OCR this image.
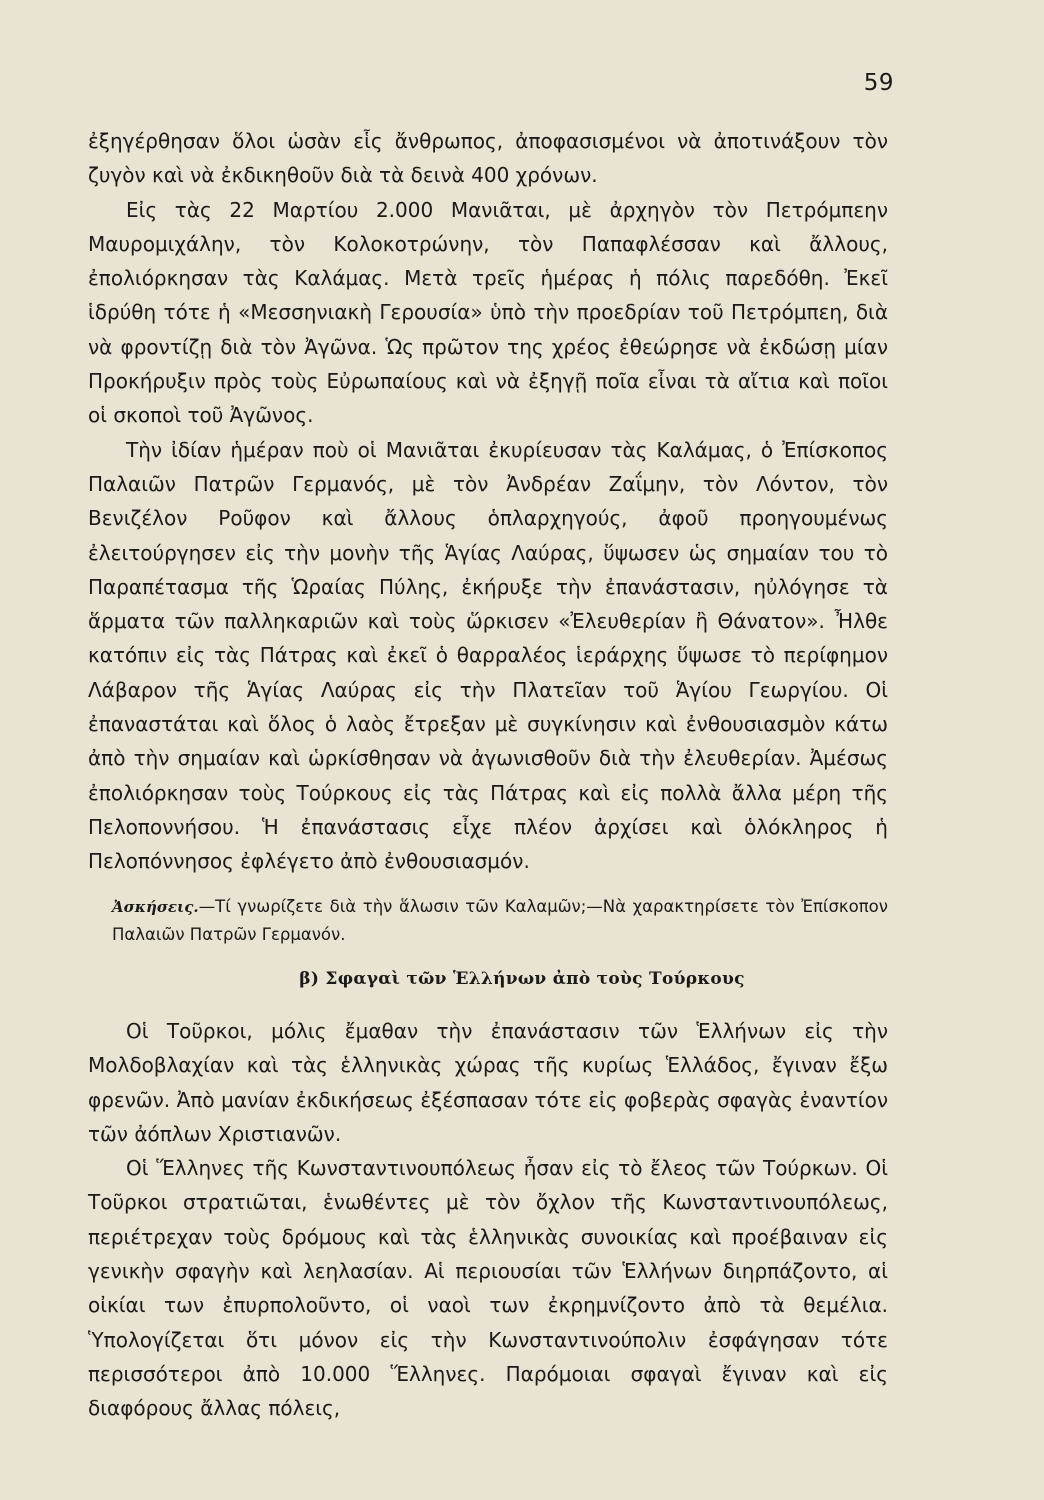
59

ἐξηγέρθησαν ὅλοι ὡσὰν εἷς ἄνθρωπος, ἀποφασισμένοι νὰ ἀποτινάξουν τὸν ζυγὸν καὶ νὰ ἐκδικηθοῦν διὰ τὰ δεινὰ 400 χρόνων.

Εἰς τὰς 22 Μαρτίου 2.000 Μανιᾶται, μὲ ἀρχηγὸν τὸν Πετρόμπεην Μαυρομιχάλην, τὸν Κολοκοτρώνην, τὸν Παπαφλέσσαν καὶ ἄλλους, ἐπολιόρκησαν τὰς Καλάμας. Μετὰ τρεῖς ἡμέρας ἡ πόλις παρεδόθη. Ἐκεῖ ἱδρύθη τότε ἡ «Μεσσηνιακὴ Γερουσία» ὑπὸ τὴν προεδρίαν τοῦ Πετρόμπεη, διὰ νὰ φροντίζῃ διὰ τὸν Ἀγῶνα. Ὡς πρῶτον της χρέος ἐθεώρησε νὰ ἐκδώσῃ μίαν Προκήρυξιν πρὸς τοὺς Εὐρωπαίους καὶ νὰ ἐξηγῇ ποῖα εἶναι τὰ αἴτια καὶ ποῖοι οἱ σκοποὶ τοῦ Ἀγῶνος.

Τὴν ἰδίαν ἡμέραν ποὺ οἱ Μανιᾶται ἐκυρίευσαν τὰς Καλάμας, ὁ Ἐπίσκοπος Παλαιῶν Πατρῶν Γερμανός, μὲ τὸν Ἀνδρέαν Ζαΐμην, τὸν Λόντον, τὸν Βενιζέλον Ροῦφον καὶ ἄλλους ὁπλαρχηγούς, ἀφοῦ προηγουμένως ἐλειτούργησεν εἰς τὴν μονὴν τῆς Ἁγίας Λαύρας, ὕψωσεν ὡς σημαίαν του τὸ Παραπέτασμα τῆς Ὡραίας Πύλης, ἐκήρυξε τὴν ἐπανάστασιν, ηὐλόγησε τὰ ἅρματα τῶν παλληκαριῶν καὶ τοὺς ὥρκισεν «Ἐλευθερίαν ἢ Θάνατον». Ἦλθε κατόπιν εἰς τὰς Πάτρας καὶ ἐκεῖ ὁ θαρραλέος ἱεράρχης ὕψωσε τὸ περίφημον Λάβαρον τῆς Ἁγίας Λαύρας εἰς τὴν Πλατεῖαν τοῦ Ἁγίου Γεωργίου. Οἱ ἐπαναστάται καὶ ὅλος ὁ λαὸς ἔτρεξαν μὲ συγκίνησιν καὶ ἐνθουσιασμὸν κάτω ἀπὸ τὴν σημαίαν καὶ ὡρκίσθησαν νὰ ἀγωνισθοῦν διὰ τὴν ἐλευθερίαν. Ἀμέσως ἐπολιόρκησαν τοὺς Τούρκους εἰς τὰς Πάτρας καὶ εἰς πολλὰ ἄλλα μέρη τῆς Πελοποννήσου. Ἡ ἐπανάστασις εἶχε πλέον ἀρχίσει καὶ ὁλόκληρος ἡ Πελοπόννησος ἐφλέγετο ἀπὸ ἐνθουσιασμόν.

Ἀσκήσεις.—Τί γνωρίζετε διὰ τὴν ἅλωσιν τῶν Καλαμῶν;—Νὰ χαρακτηρίσετε τὸν Ἐπίσκοπον Παλαιῶν Πατρῶν Γερμανόν.
β) Σφαγαὶ τῶν Ἑλλήνων ἀπὸ τοὺς Τούρκους

Οἱ Τοῦρκοι, μόλις ἔμαθαν τὴν ἐπανάστασιν τῶν Ἑλλήνων εἰς τὴν Μολδοβλαχίαν καὶ τὰς ἑλληνικὰς χώρας τῆς κυρίως Ἑλλάδος, ἔγιναν ἔξω φρενῶν. Ἀπὸ μανίαν ἐκδικήσεως ἐξέσπασαν τότε εἰς φοβερὰς σφαγὰς ἐναντίον τῶν ἀόπλων Χριστιανῶν.

Οἱ Ἕλληνες τῆς Κωνσταντινουπόλεως ἦσαν εἰς τὸ ἔλεος τῶν Τούρκων. Οἱ Τοῦρκοι στρατιῶται, ἑνωθέντες μὲ τὸν ὄχλον τῆς Κωνσταντινουπόλεως, περιέτρεχαν τοὺς δρόμους καὶ τὰς ἑλληνικὰς συνοικίας καὶ προέβαιναν εἰς γενικὴν σφαγὴν καὶ λεηλασίαν. Αἱ περιουσίαι τῶν Ἑλλήνων διηρπάζοντο, αἱ οἰκίαι των ἐπυρπολοῦντο, οἱ ναοὶ των ἐκρημνίζοντο ἀπὸ τὰ θεμέλια. Ὑπολογίζεται ὅτι μόνον εἰς τὴν Κωνσταντινούπολιν ἐσφάγησαν τότε περισσότεροι ἀπὸ 10.000 Ἕλληνες. Παρόμοιαι σφαγαὶ ἔγιναν καὶ εἰς διαφόρους ἄλλας πόλεις,
